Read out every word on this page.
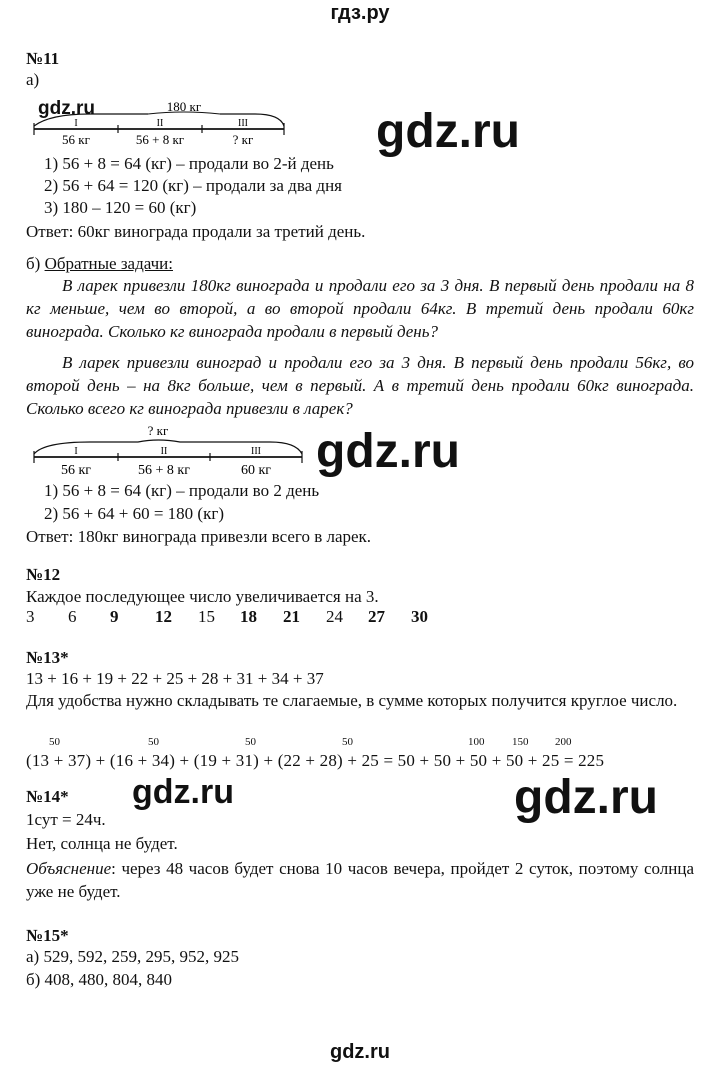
гдз.ру
№11
а)
gdz.ru	180 кг
I	II	III
56 кг	56 + 8 кг	? кг	gdz.ru
1) 56 + 8 = 64 (кг) – продали во 2-й день
2) 56 + 64 = 120 (кг) – продали за два дня
3) 180 – 120 = 60 (кг)
Ответ: 60кг винограда продали за третий день.
б) Обратные задачи:
В ларек привезли 180кг винограда и продали его за 3 дня. В первый день продали на 8 кг меньше, чем во второй, а во второй продали 64кг. В третий день продали 60кг винограда. Сколько кг винограда продали в первый день?
В ларек привезли виноград и продали его за 3 дня. В первый день продали 56кг, во второй день – на 8кг больше, чем в первый. А в третий день продали 60кг винограда. Сколько всего кг винограда привезли в ларек?
? кг
I	II	III
56 кг	56 + 8 кг	60 кг gdz.ru
1) 56 + 8 = 64 (кг) – продали во 2 день
2) 56 + 64 + 60 = 180 (кг)
Ответ: 180кг винограда привезли всего в ларек.
№12
Каждое последующее число увеличивается на 3.
3 6 9 12 15 18 21 24 27 30
№13*
13 + 16 + 19 + 22 + 25 + 28 + 31 + 34 + 37
Для удобства нужно складывать те слагаемые, в сумме которых получится круглое число.
50	50	50	50	100	150 200
(13 + 37) + (16 + 34) + (19 + 31) + (22 + 28) + 25 = 50 + 50 + 50 + 50 + 25 = 225
№14* gdz.ru	gdz.ru
1сут = 24ч.
Нет, солнца не будет.
Объяснение: через 48 часов будет снова 10 часов вечера, пройдет 2 суток, поэтому солнца уже не будет.
№15*
а) 529, 592, 259, 295, 952, 925
б) 408, 480, 804, 840
gdz.ru
